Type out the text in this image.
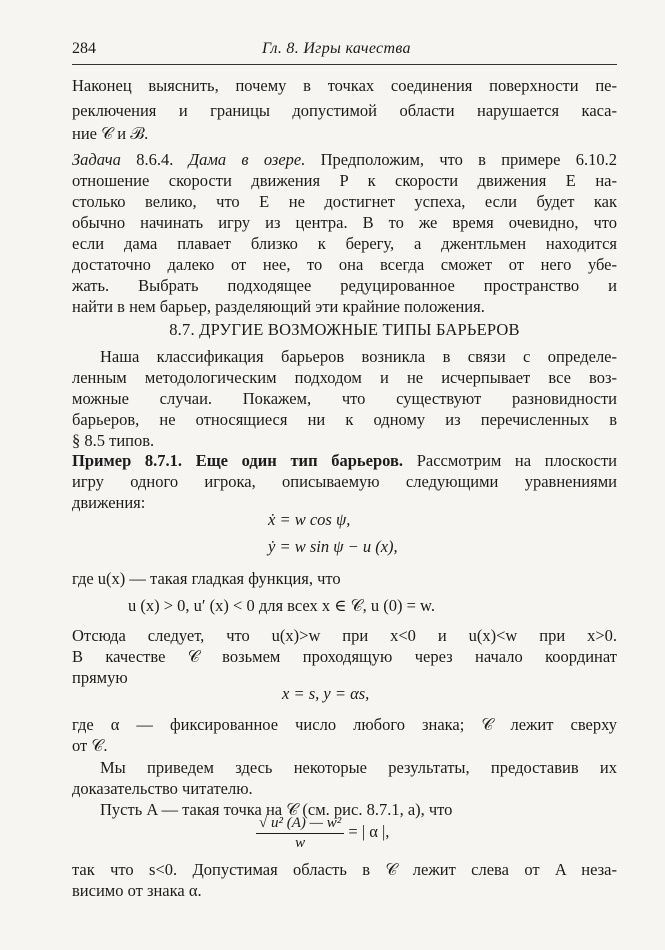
284	Гл. 8. Игры качества
Наконец выяснить, почему в точках соединения поверхности пе-
реключения и границы допустимой области нарушается каса-
ние 𝒞 и ℬ.
Задача 8.6.4. Дама в озере. Предположим, что в примере 6.10.2
отношение скорости движения P к скорости движения E на-
столько велико, что E не достигнет успеха, если будет как
обычно начинать игру из центра. В то же время очевидно, что
если дама плавает близко к берегу, а джентльмен находится
достаточно далеко от нее, то она всегда сможет от него убе-
жать. Выбрать подходящее редуцированное пространство и
найти в нем барьер, разделяющий эти крайние положения.
8.7. ДРУГИЕ ВОЗМОЖНЫЕ ТИПЫ БАРЬЕРОВ
Наша классификация барьеров возникла в связи с определе-
ленным методологическим подходом и не исчерпывает все воз-
можные случаи. Покажем, что существуют разновидности
барьеров, не относящиеся ни к одному из перечисленных в
§ 8.5 типов.
Пример 8.7.1. Еще один тип барьеров. Рассмотрим на плоскости
игру одного игрока, описываемую следующими уравнениями
движения:
ẋ = w cos ψ,
ẏ = w sin ψ − u (x),
где u(x) — такая гладкая функция, что
u (x) > 0, u′ (x) < 0 для всех x ∈ 𝒞, u (0) = w.
Отсюда следует, что u(x)>w при x<0 и u(x)<w при x>0.
В качестве 𝒞 возьмем проходящую через начало координат
прямую
x = s, y = αs,
где α — фиксированное число любого знака; 𝒞 лежит сверху
от 𝒞.
Мы приведем здесь некоторые результаты, предоставив их
доказательство читателю.
Пусть A — такая точка на 𝒞 (см. рис. 8.7.1, a), что
$\frac{\text{√ u² (A) — w²}}{w}$ = | α |,
так что s<0. Допустимая область в 𝒞 лежит слева от A неза-
висимо от знака α.
